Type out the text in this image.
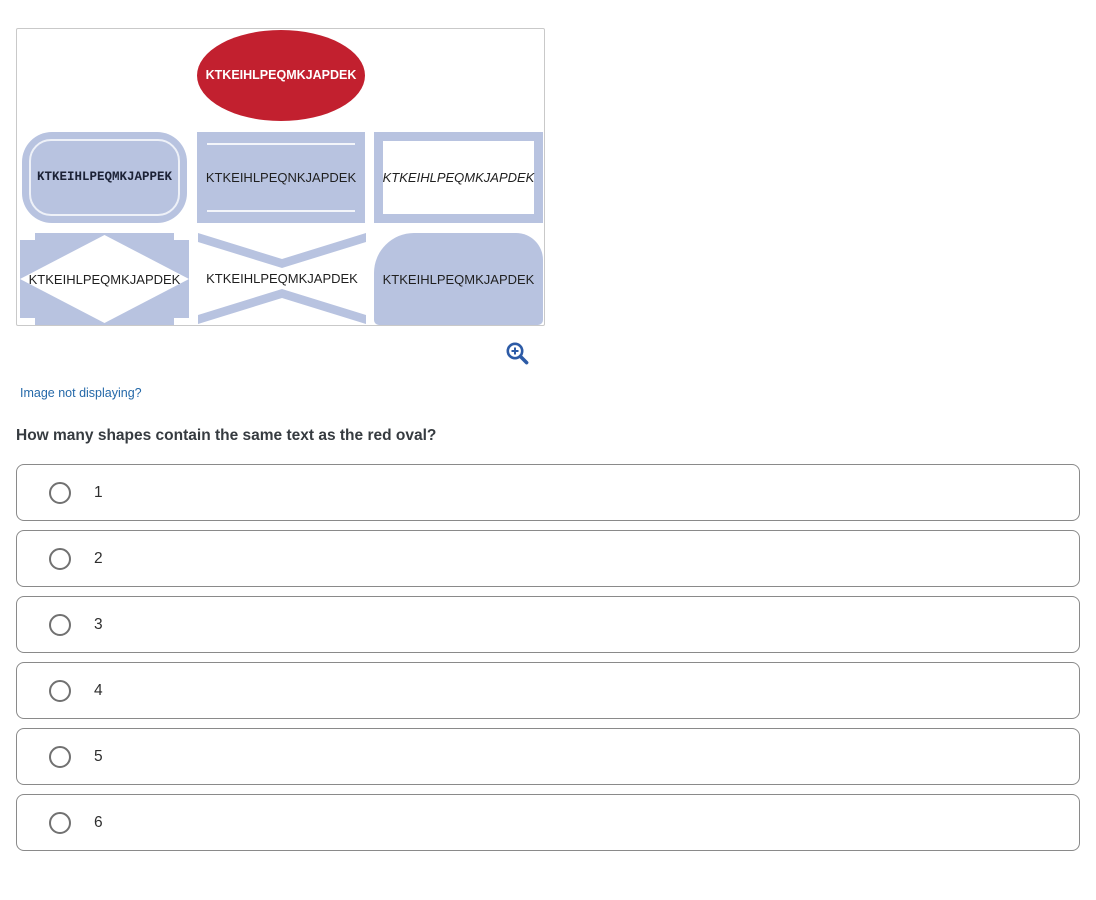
KTKEIHLPEQMKJAPDEK
KTKEIHLPEQMKJAPPEK	KTKEIHLPEQNKJAPDEK KTKEIHLPEQMKJAPDEK
KTKEIHLPEQMKJAPDEK KTKEIHLPEQMKJAPDEK KTKEIHLPEQMKJAPDEK
Image not displaying?
How many shapes contain the same text as the red oval?
1
2
3
4
5
6
